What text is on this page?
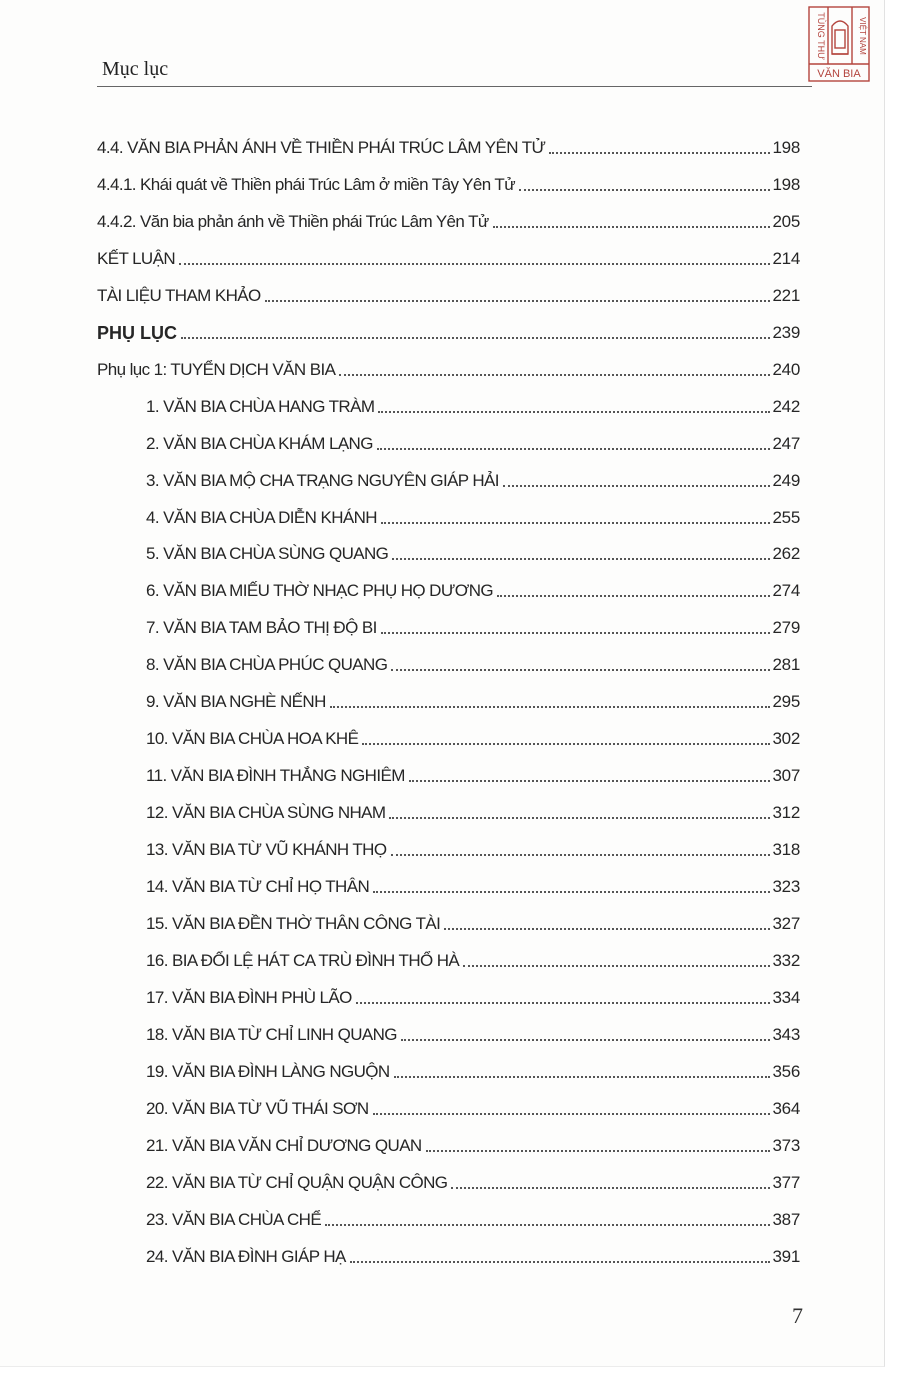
Mục lục
TÙNG THƯ	VIỆT NAM
VĂN BIA
4.4. VĂN BIA PHẢN ÁNH VỀ THIỀN PHÁI TRÚC LÂM YÊN TỬ	198
4.4.1. Khái quát về Thiền phái Trúc Lâm ở miền Tây Yên Tử	198
4.4.2. Văn bia phản ánh về Thiền phái Trúc Lâm Yên Tử	205
KẾT LUẬN	214
TÀI LIỆU THAM KHẢO	221
PHỤ LỤC	239
Phụ lục 1: TUYỂN DỊCH VĂN BIA	240
1. VĂN BIA CHÙA HANG TRÀM	242
2. VĂN BIA CHÙA KHÁM LẠNG	247
3. VĂN BIA MỘ CHA TRẠNG NGUYÊN GIÁP HẢI	249
4. VĂN BIA CHÙA DIỄN KHÁNH	255
5. VĂN BIA CHÙA SÙNG QUANG	262
6. VĂN BIA MIẾU THỜ NHẠC PHỤ HỌ DƯƠNG	274
7. VĂN BIA TAM BẢO THỊ ĐỘ BI	279
8. VĂN BIA CHÙA PHÚC QUANG	281
9. VĂN BIA NGHÈ NẾNH	295
10. VĂN BIA CHÙA HOA KHÊ	302
11. VĂN BIA ĐÌNH THẮNG NGHIÊM	307
12. VĂN BIA CHÙA SÙNG NHAM	312
13. VĂN BIA TỪ VŨ KHÁNH THỌ	318
14. VĂN BIA TỪ CHỈ HỌ THÂN	323
15. VĂN BIA ĐỀN THỜ THÂN CÔNG TÀI	327
16. BIA ĐỔI LỆ HÁT CA TRÙ ĐÌNH THỔ HÀ	332
17. VĂN BIA ĐÌNH PHÙ LÃO	334
18. VĂN BIA TỪ CHỈ LINH QUANG	343
19. VĂN BIA ĐÌNH LÀNG NGUỘN	356
20. VĂN BIA TỪ VŨ THÁI SƠN	364
21. VĂN BIA VĂN CHỈ DƯƠNG QUAN	373
22. VĂN BIA TỪ CHỈ QUẬN QUẬN CÔNG	377
23. VĂN BIA CHÙA CHỂ	387
24. VĂN BIA ĐÌNH GIÁP HẠ	391
7
